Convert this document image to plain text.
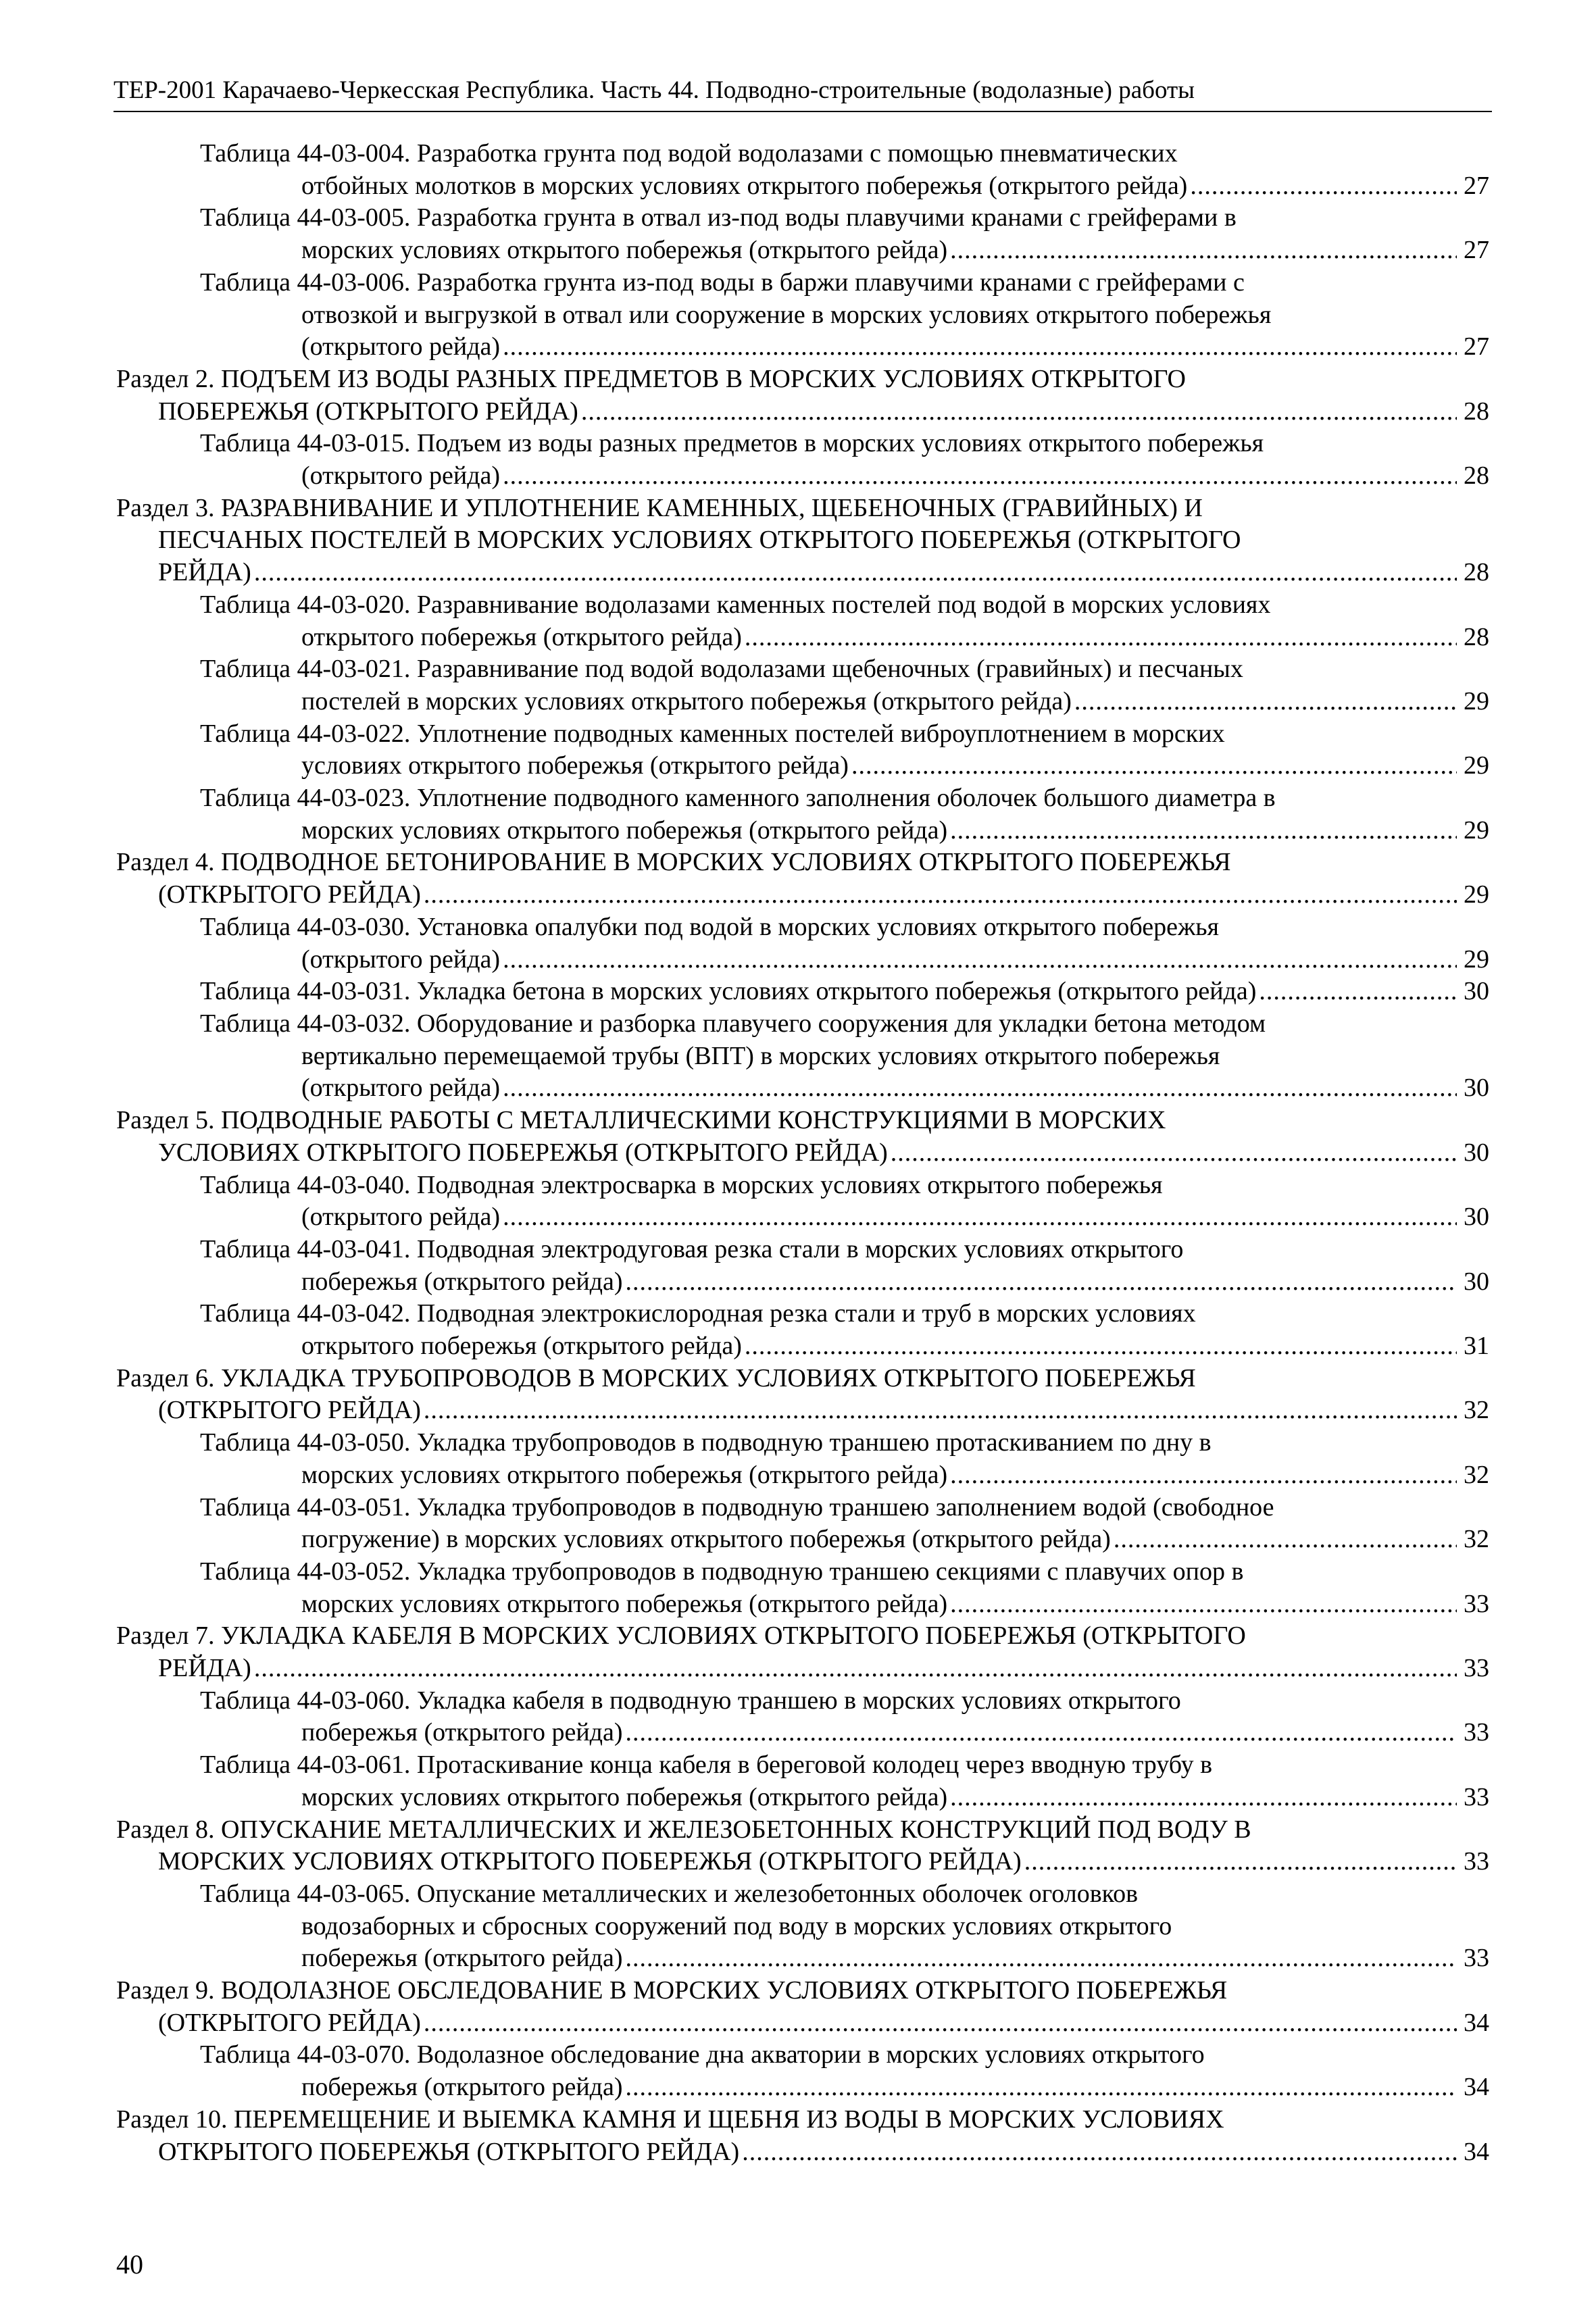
ТЕР-2001 Карачаево-Черкесская Республика. Часть 44. Подводно-строительные (водолазные) работы
Таблица 44-03-004. Разработка грунта под водой водолазами с помощью пневматических
отбойных молотков в морских условиях открытого побережья (открытого рейда) .....	27
Таблица 44-03-005. Разработка грунта в отвал из-под воды плавучими кранами с грейферами в
морских условиях открытого побережья (открытого рейда) .....	27
Таблица 44-03-006. Разработка грунта из-под воды в баржи плавучими кранами с грейферами с
отвозкой и выгрузкой в отвал или сооружение в морских условиях открытого побережья
(открытого рейда) .....	27
Раздел 2. ПОДЪЕМ ИЗ ВОДЫ РАЗНЫХ ПРЕДМЕТОВ В МОРСКИХ УСЛОВИЯХ ОТКРЫТОГО
ПОБЕРЕЖЬЯ (ОТКРЫТОГО РЕЙДА) .....	28
Таблица 44-03-015. Подъем из воды разных предметов в морских условиях открытого побережья
(открытого рейда) .....	28
Раздел 3. РАЗРАВНИВАНИЕ И УПЛОТНЕНИЕ КАМЕННЫХ, ЩЕБЕНОЧНЫХ (ГРАВИЙНЫХ) И
ПЕСЧАНЫХ ПОСТЕЛЕЙ В МОРСКИХ УСЛОВИЯХ ОТКРЫТОГО ПОБЕРЕЖЬЯ (ОТКРЫТОГО
РЕЙДА) .....	28
Таблица 44-03-020. Разравнивание водолазами каменных постелей под водой в морских условиях
открытого побережья (открытого рейда) .....	28
Таблица 44-03-021. Разравнивание под водой водолазами щебеночных (гравийных) и песчаных
постелей в морских условиях открытого побережья (открытого рейда) .....	29
Таблица 44-03-022. Уплотнение подводных каменных постелей виброуплотнением в морских
условиях открытого побережья (открытого рейда) .....	29
Таблица 44-03-023. Уплотнение подводного каменного заполнения оболочек большого диаметра в
морских условиях открытого побережья (открытого рейда) .....	29
Раздел 4. ПОДВОДНОЕ БЕТОНИРОВАНИЕ В МОРСКИХ УСЛОВИЯХ ОТКРЫТОГО ПОБЕРЕЖЬЯ
(ОТКРЫТОГО РЕЙДА) .....	29
Таблица 44-03-030. Установка опалубки под водой в морских условиях открытого побережья
(открытого рейда) .....	29
Таблица 44-03-031. Укладка бетона в морских условиях открытого побережья (открытого рейда) .....	30
Таблица 44-03-032. Оборудование и разборка плавучего сооружения для укладки бетона методом
вертикально перемещаемой трубы (ВПТ) в морских условиях открытого побережья
(открытого рейда) .....	30
Раздел 5. ПОДВОДНЫЕ РАБОТЫ С МЕТАЛЛИЧЕСКИМИ КОНСТРУКЦИЯМИ В МОРСКИХ
УСЛОВИЯХ ОТКРЫТОГО ПОБЕРЕЖЬЯ (ОТКРЫТОГО РЕЙДА) .....	30
Таблица 44-03-040. Подводная электросварка в морских условиях открытого побережья
(открытого рейда) .....	30
Таблица 44-03-041. Подводная электродуговая резка стали в морских условиях открытого
побережья (открытого рейда) .....	30
Таблица 44-03-042. Подводная электрокислородная резка стали и труб в морских условиях
открытого побережья (открытого рейда) .....	31
Раздел 6. УКЛАДКА ТРУБОПРОВОДОВ В МОРСКИХ УСЛОВИЯХ ОТКРЫТОГО ПОБЕРЕЖЬЯ
(ОТКРЫТОГО РЕЙДА) .....	32
Таблица 44-03-050. Укладка трубопроводов в подводную траншею протаскиванием по дну в
морских условиях открытого побережья (открытого рейда) .....	32
Таблица 44-03-051. Укладка трубопроводов в подводную траншею заполнением водой (свободное
погружение) в морских условиях открытого побережья (открытого рейда) .....	32
Таблица 44-03-052. Укладка трубопроводов в подводную траншею секциями с плавучих опор в
морских условиях открытого побережья (открытого рейда) .....	33
Раздел 7. УКЛАДКА КАБЕЛЯ В МОРСКИХ УСЛОВИЯХ ОТКРЫТОГО ПОБЕРЕЖЬЯ (ОТКРЫТОГО
РЕЙДА) .....	33
Таблица 44-03-060. Укладка кабеля в подводную траншею в морских условиях открытого
побережья (открытого рейда) .....	33
Таблица 44-03-061. Протаскивание конца кабеля в береговой колодец через вводную трубу в
морских условиях открытого побережья (открытого рейда) .....	33
Раздел 8. ОПУСКАНИЕ МЕТАЛЛИЧЕСКИХ И ЖЕЛЕЗОБЕТОННЫХ КОНСТРУКЦИЙ ПОД ВОДУ В
МОРСКИХ УСЛОВИЯХ ОТКРЫТОГО ПОБЕРЕЖЬЯ (ОТКРЫТОГО РЕЙДА) .....	33
Таблица 44-03-065. Опускание металлических и железобетонных оболочек оголовков
водозаборных и сбросных сооружений под воду в морских условиях открытого
побережья (открытого рейда) .....	33
Раздел 9. ВОДОЛАЗНОЕ ОБСЛЕДОВАНИЕ В МОРСКИХ УСЛОВИЯХ ОТКРЫТОГО ПОБЕРЕЖЬЯ
(ОТКРЫТОГО РЕЙДА) .....	34
Таблица 44-03-070. Водолазное обследование дна акватории в морских условиях открытого
побережья (открытого рейда) .....	34
Раздел 10. ПЕРЕМЕЩЕНИЕ И ВЫЕМКА КАМНЯ И ЩЕБНЯ ИЗ ВОДЫ В МОРСКИХ УСЛОВИЯХ
ОТКРЫТОГО ПОБЕРЕЖЬЯ (ОТКРЫТОГО РЕЙДА) .....	34
40
